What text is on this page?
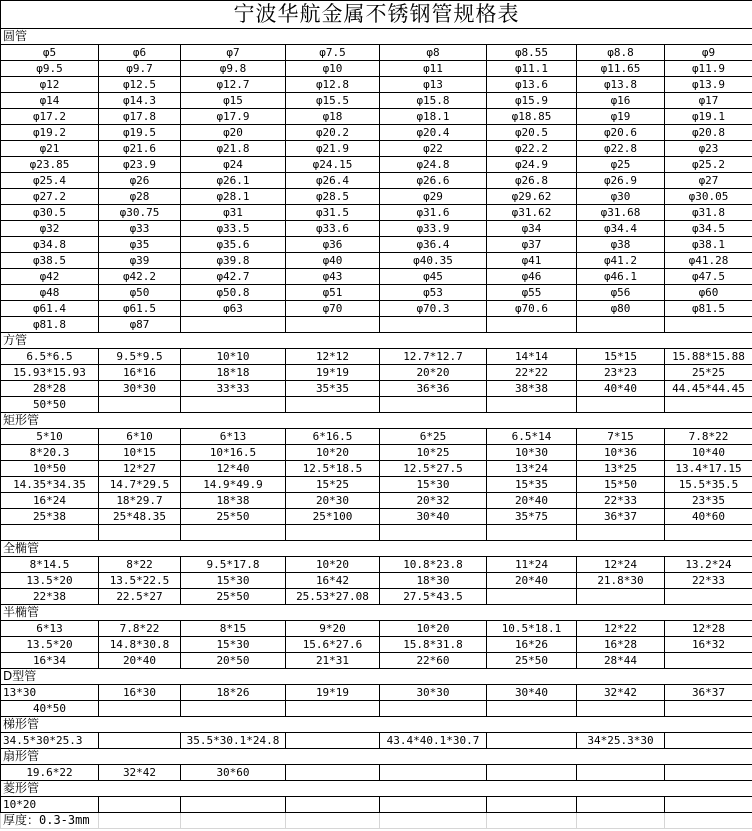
宁波华航金属不锈钢管规格表							
圆管							
φ5	φ6	φ7	φ7.5	φ8	φ8.55	φ8.8	φ9
φ9.5	φ9.7	φ9.8	φ10	φ11	φ11.1	φ11.65	φ11.9
φ12	φ12.5	φ12.7	φ12.8	φ13	φ13.6	φ13.8	φ13.9
φ14	φ14.3	φ15	φ15.5	φ15.8	φ15.9	φ16	φ17
φ17.2	φ17.8	φ17.9	φ18	φ18.1	φ18.85	φ19	φ19.1
φ19.2	φ19.5	φ20	φ20.2	φ20.4	φ20.5	φ20.6	φ20.8
φ21	φ21.6	φ21.8	φ21.9	φ22	φ22.2	φ22.8	φ23
φ23.85	φ23.9	φ24	φ24.15	φ24.8	φ24.9	φ25	φ25.2
φ25.4	φ26	φ26.1	φ26.4	φ26.6	φ26.8	φ26.9	φ27
φ27.2	φ28	φ28.1	φ28.5	φ29	φ29.62	φ30	φ30.05
φ30.5	φ30.75	φ31	φ31.5	φ31.6	φ31.62	φ31.68	φ31.8
φ32	φ33	φ33.5	φ33.6	φ33.9	φ34	φ34.4	φ34.5
φ34.8	φ35	φ35.6	φ36	φ36.4	φ37	φ38	φ38.1
φ38.5	φ39	φ39.8	φ40	φ40.35	φ41	φ41.2	φ41.28
φ42	φ42.2	φ42.7	φ43	φ45	φ46	φ46.1	φ47.5
φ48	φ50	φ50.8	φ51	φ53	φ55	φ56	φ60
φ61.4	φ61.5	φ63	φ70	φ70.3	φ70.6	φ80	φ81.5
φ81.8	φ87						
方管							
6.5*6.5	9.5*9.5	10*10	12*12	12.7*12.7	14*14	15*15	15.88*15.88
15.93*15.93	16*16	18*18	19*19	20*20	22*22	23*23	25*25
28*28	30*30	33*33	35*35	36*36	38*38	40*40	44.45*44.45
50*50							
矩形管							
5*10	6*10	6*13	6*16.5	6*25	6.5*14	7*15	7.8*22
8*20.3	10*15	10*16.5	10*20	10*25	10*30	10*36	10*40
10*50	12*27	12*40	12.5*18.5	12.5*27.5	13*24	13*25	13.4*17.15
14.35*34.35	14.7*29.5	14.9*49.9	15*25	15*30	15*35	15*50	15.5*35.5
16*24	18*29.7	18*38	20*30	20*32	20*40	22*33	23*35
25*38	25*48.35	25*50	25*100	30*40	35*75	36*37	40*60

全椭管							
8*14.5	8*22	9.5*17.8	10*20	10.8*23.8	11*24	12*24	13.2*24
13.5*20	13.5*22.5	15*30	16*42	18*30	20*40	21.8*30	22*33
22*38	22.5*27	25*50	25.53*27.08	27.5*43.5			
半椭管							
6*13	7.8*22	8*15	9*20	10*20	10.5*18.1	12*22	12*28
13.5*20	14.8*30.8	15*30	15.6*27.6	15.8*31.8	16*26	16*28	16*32
16*34	20*40	20*50	21*31	22*60	25*50	28*44	
D型管							
13*30	16*30	18*26	19*19	30*30	30*40	32*42	36*37
40*50							
梯形管							
34.5*30*25.3		35.5*30.1*24.8		43.4*40.1*30.7		34*25.3*30	
扇形管							
19.6*22	32*42	30*60					
菱形管							
10*20							
厚度：0.3-3mm							
